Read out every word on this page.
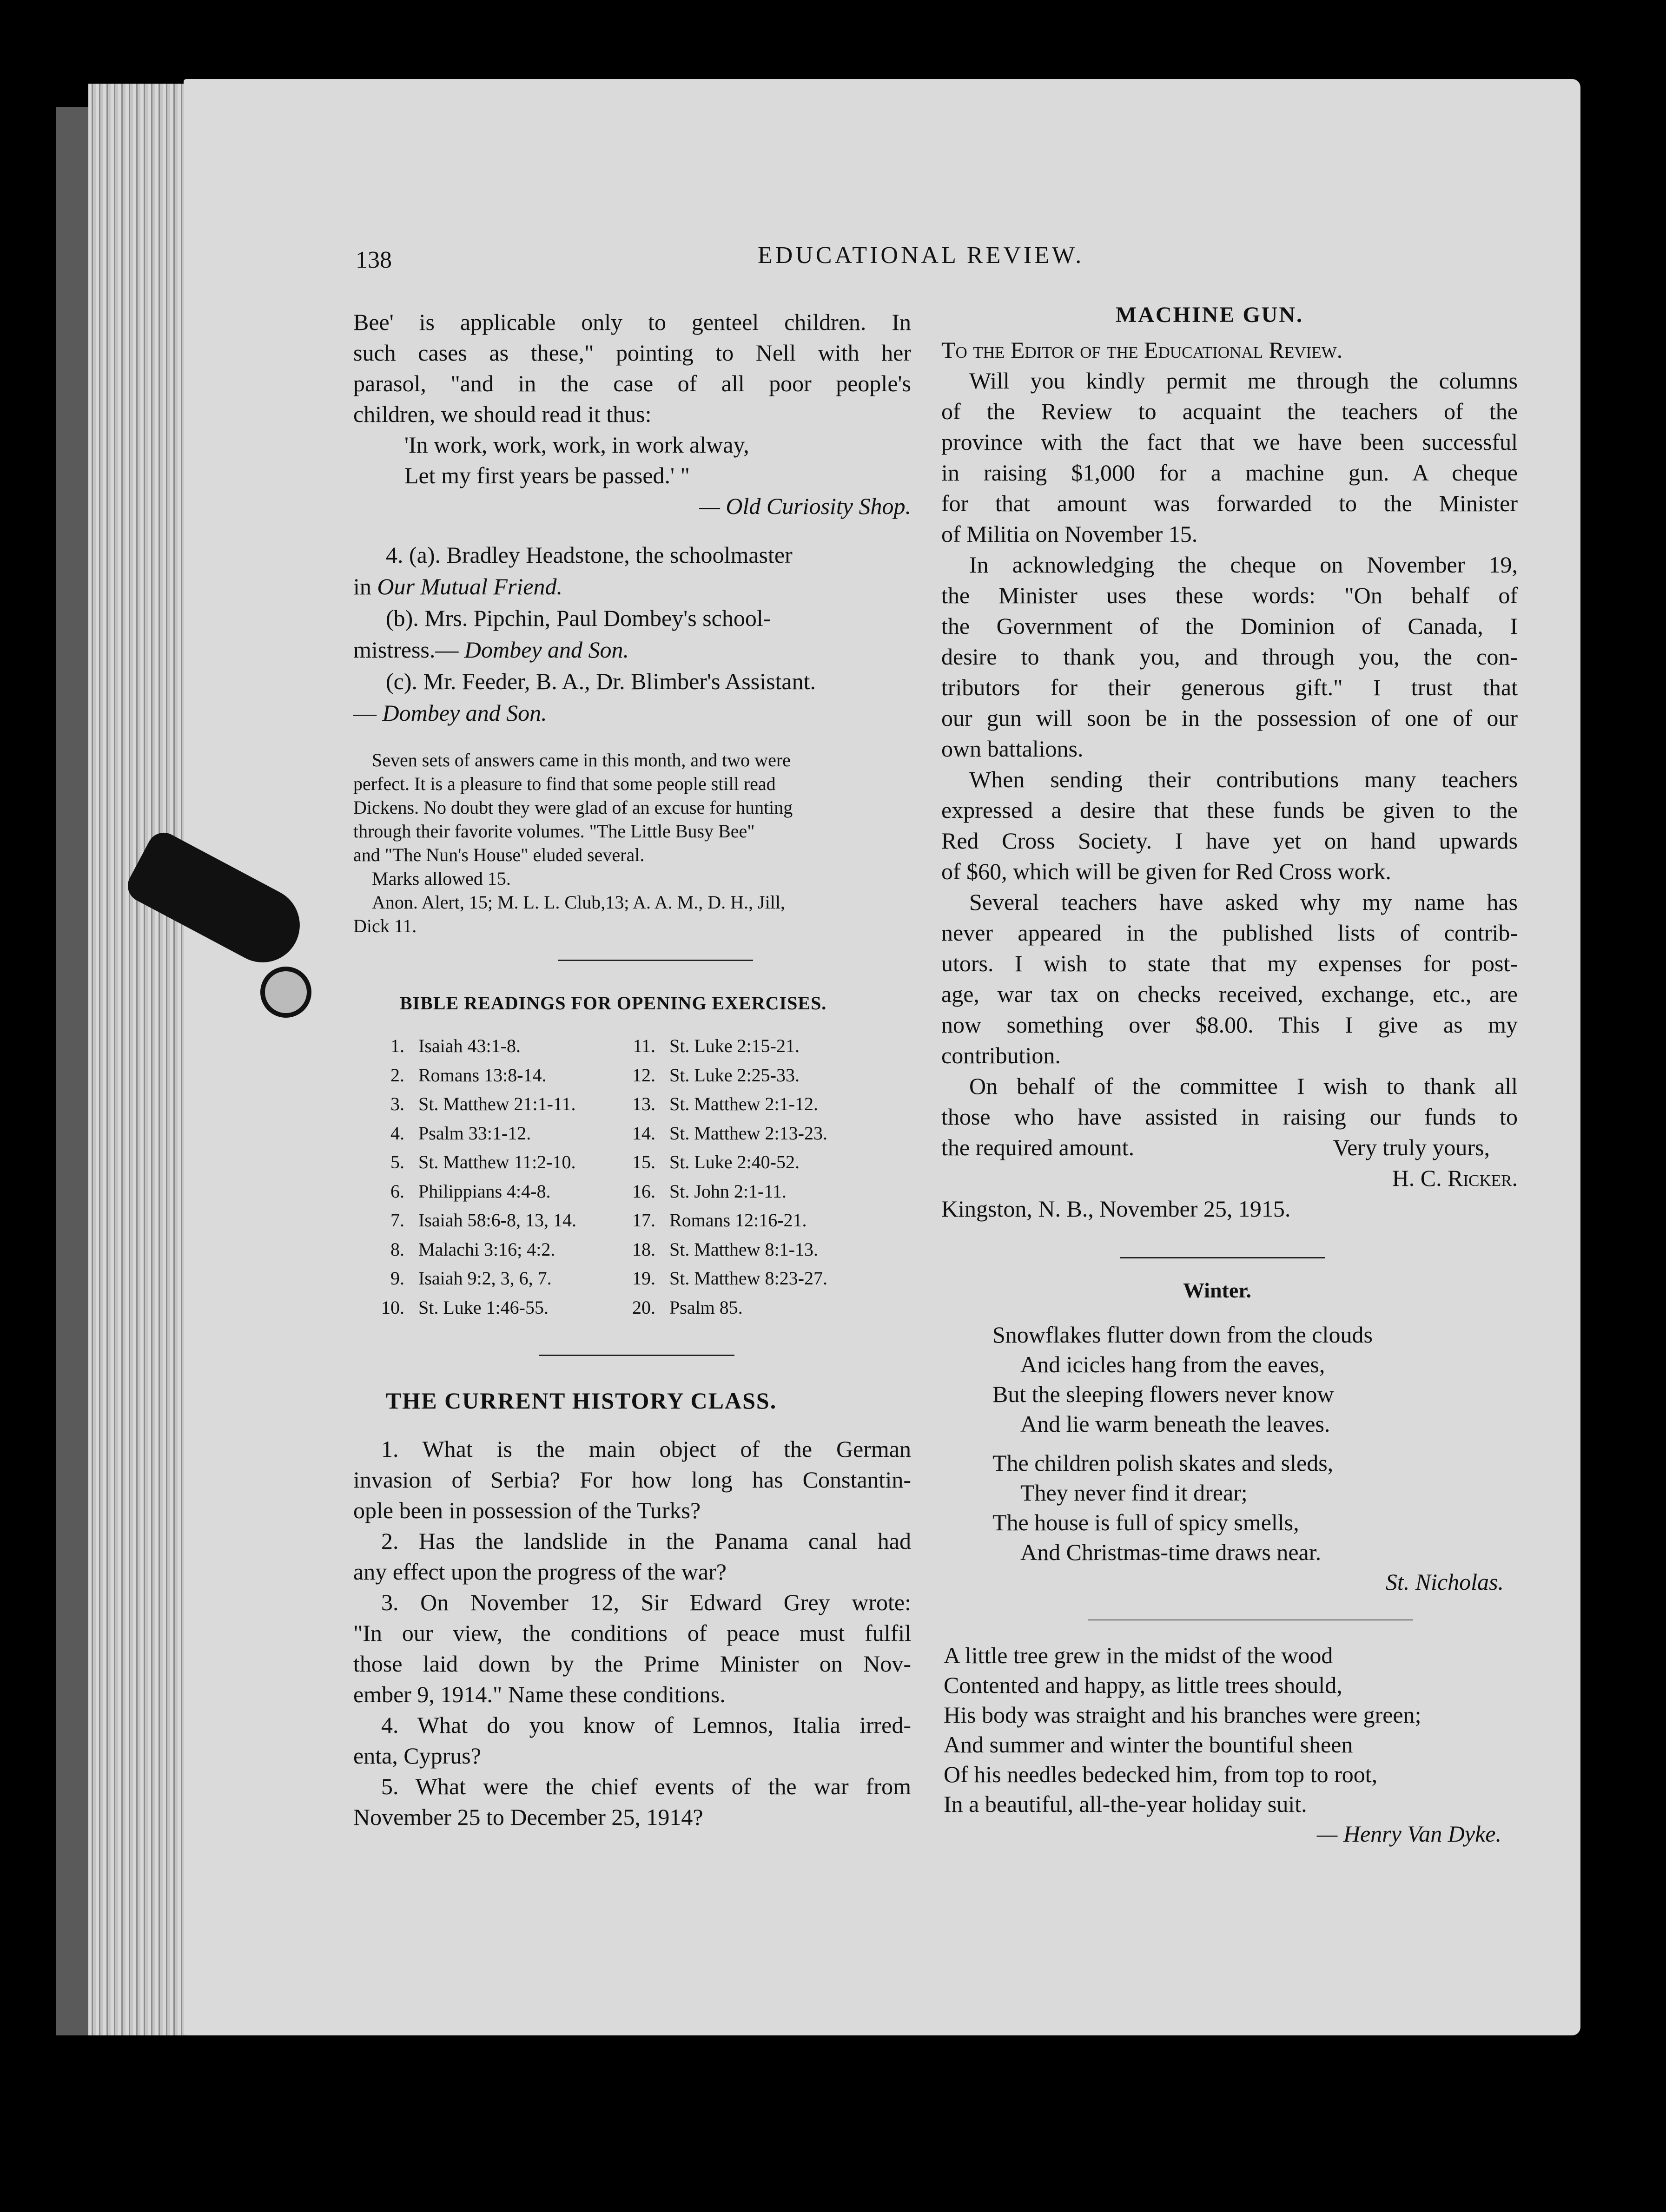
138	EDUCATIONAL REVIEW.
Bee' is applicable only to genteel children. In
such cases as these," pointing to Nell with her
parasol, "and in the case of all poor people's
children, we should read it thus:
'In work, work, work, in work alway,
Let my first years be passed.' "
— Old Curiosity Shop.
4. (a). Bradley Headstone, the schoolmaster
in Our Mutual Friend.
(b). Mrs. Pipchin, Paul Dombey's school-
mistress.— Dombey and Son.
(c). Mr. Feeder, B. A., Dr. Blimber's Assistant.
— Dombey and Son.
Seven sets of answers came in this month, and two were
perfect. It is a pleasure to find that some people still read
Dickens. No doubt they were glad of an excuse for hunting
through their favorite volumes. "The Little Busy Bee"
and "The Nun's House" eluded several.
Marks allowed 15.
Anon. Alert, 15; M. L. L. Club,13; A. A. M., D. H., Jill,
Dick 11.
BIBLE READINGS FOR OPENING EXERCISES.
1. Isaiah 43:1-8.
2. Romans 13:8-14.
3. St. Matthew 21:1-11.
4. Psalm 33:1-12.
5. St. Matthew 11:2-10.
6. Philippians 4:4-8.
7. Isaiah 58:6-8, 13, 14.
8. Malachi 3:16; 4:2.
9. Isaiah 9:2, 3, 6, 7.
10. St. Luke 1:46-55.
11. St. Luke 2:15-21.
12. St. Luke 2:25-33.
13. St. Matthew 2:1-12.
14. St. Matthew 2:13-23.
15. St. Luke 2:40-52.
16. St. John 2:1-11.
17. Romans 12:16-21.
18. St. Matthew 8:1-13.
19. St. Matthew 8:23-27.
20. Psalm 85.
THE CURRENT HISTORY CLASS.
1. What is the main object of the German
invasion of Serbia? For how long has Constantin-
ople been in possession of the Turks?
2. Has the landslide in the Panama canal had
any effect upon the progress of the war?
3. On November 12, Sir Edward Grey wrote:
"In our view, the conditions of peace must fulfil
those laid down by the Prime Minister on Nov-
ember 9, 1914." Name these conditions.
4. What do you know of Lemnos, Italia irred-
enta, Cyprus?
5. What were the chief events of the war from
November 25 to December 25, 1914?
MACHINE GUN.
To the Editor of the Educational Review.
Will you kindly permit me through the columns
of the Review to acquaint the teachers of the
province with the fact that we have been successful
in raising $1,000 for a machine gun. A cheque
for that amount was forwarded to the Minister
of Militia on November 15.
In acknowledging the cheque on November 19,
the Minister uses these words: "On behalf of
the Government of the Dominion of Canada, I
desire to thank you, and through you, the con-
tributors for their generous gift." I trust that
our gun will soon be in the possession of one of our
own battalions.
When sending their contributions many teachers
expressed a desire that these funds be given to the
Red Cross Society. I have yet on hand upwards
of $60, which will be given for Red Cross work.
Several teachers have asked why my name has
never appeared in the published lists of contrib-
utors. I wish to state that my expenses for post-
age, war tax on checks received, exchange, etc., are
now something over $8.00. This I give as my
contribution.
On behalf of the committee I wish to thank all
those who have assisted in raising our funds to
the required amount.	Very truly yours,
H. C. Ricker.
Kingston, N. B., November 25, 1915.
Winter.
Snowflakes flutter down from the clouds
And icicles hang from the eaves,
But the sleeping flowers never know
And lie warm beneath the leaves.
The children polish skates and sleds,
They never find it drear;
The house is full of spicy smells,
And Christmas-time draws near.
St. Nicholas.
A little tree grew in the midst of the wood
Contented and happy, as little trees should,
His body was straight and his branches were green;
And summer and winter the bountiful sheen
Of his needles bedecked him, from top to root,
In a beautiful, all-the-year holiday suit.
— Henry Van Dyke.
